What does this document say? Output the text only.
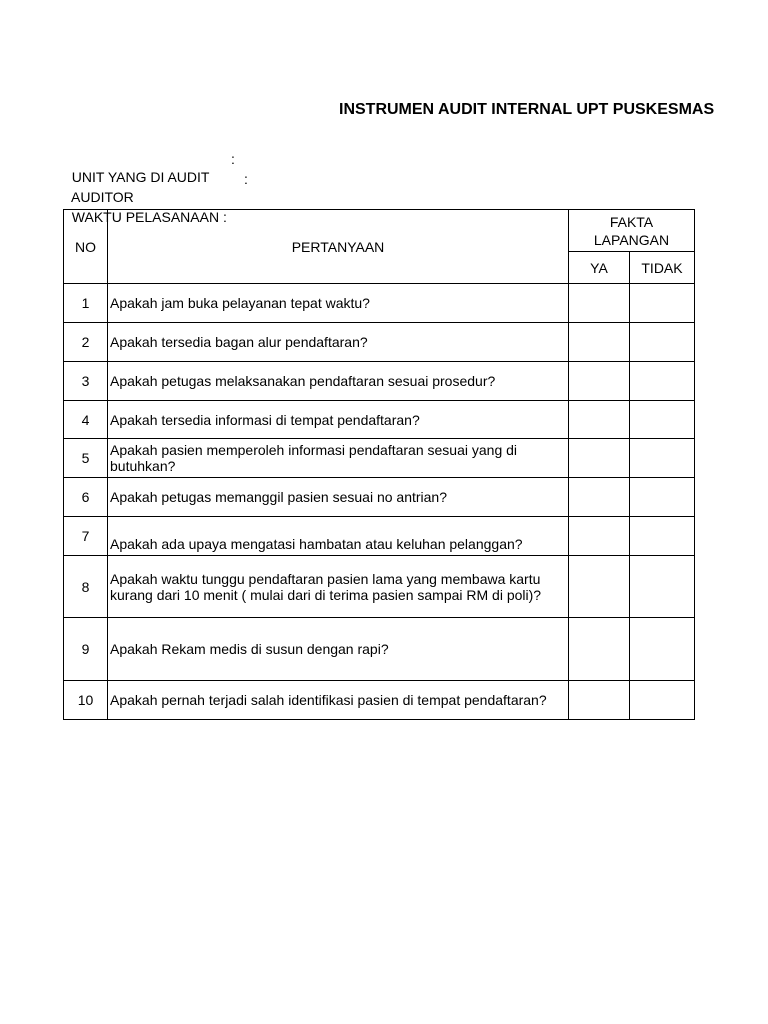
INSTRUMEN AUDIT INTERNAL UPT PUSKESMAS

UNIT YANG DI AUDIT

:

AUDITOR

:

WAKTU PELASANAAN :

NO	PERTANYAAN	FAKTA LAPANGAN	

		YA	TIDAK
1	Apakah jam buka pelayanan tepat waktu?		
2	Apakah tersedia bagan alur pendaftaran?		
3	Apakah petugas melaksanakan pendaftaran sesuai prosedur?		
4	Apakah tersedia informasi di tempat pendaftaran?		
5	Apakah pasien memperoleh informasi pendaftaran sesuai yang di butuhkan?		
6	Apakah petugas memanggil pasien sesuai no antrian?		
7	Apakah ada upaya mengatasi hambatan atau keluhan pelanggan?		
8	Apakah waktu tunggu pendaftaran pasien lama yang membawa kartu kurang dari 10 menit ( mulai dari di terima pasien sampai RM di poli)?		
9	Apakah Rekam medis di susun dengan rapi?		
10	Apakah pernah terjadi salah identifikasi pasien di tempat pendaftaran?		
